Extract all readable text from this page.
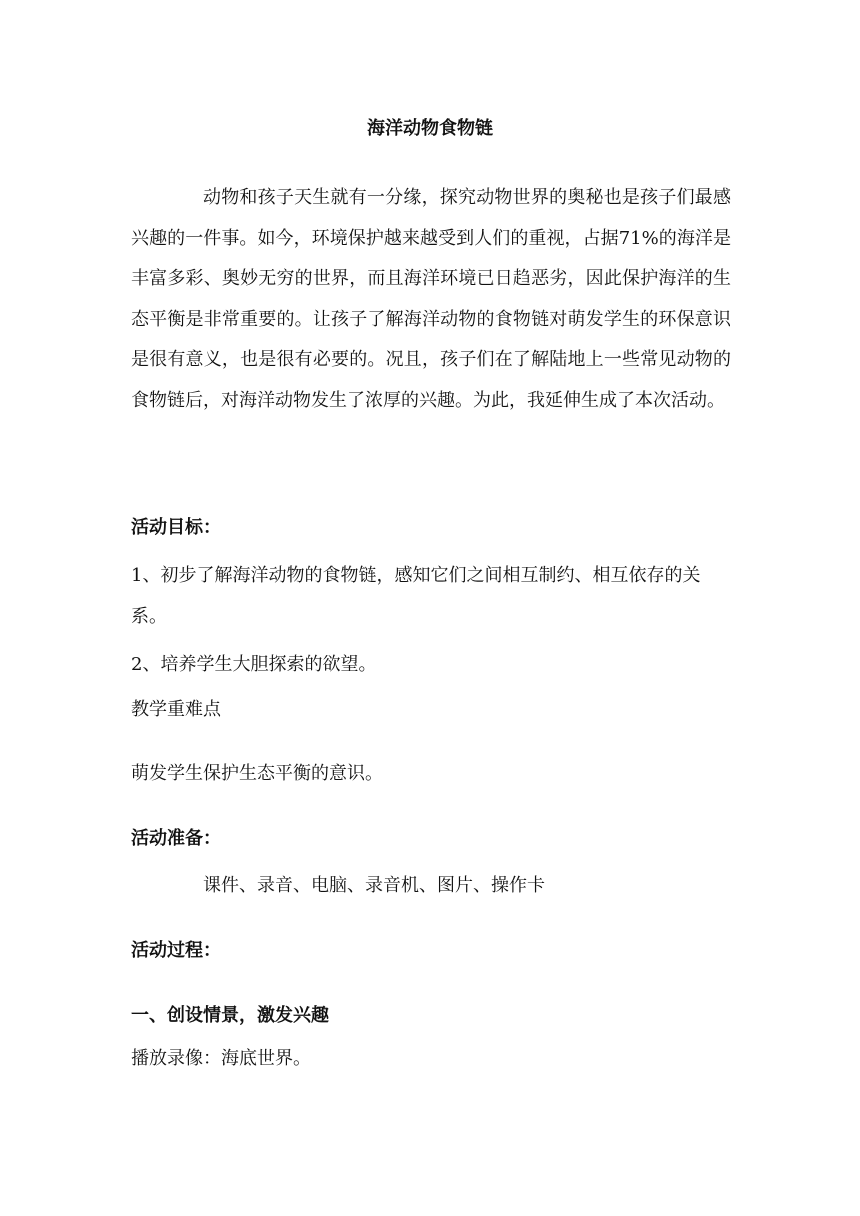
海洋动物食物链

动物和孩子天生就有一分缘，探究动物世界的奥秘也是孩子们最感兴趣的一件事。如今，环境保护越来越受到人们的重视，占据71%的海洋是丰富多彩、奥妙无穷的世界，而且海洋环境已日趋恶劣，因此保护海洋的生态平衡是非常重要的。让孩子了解海洋动物的食物链对萌发学生的环保意识是很有意义，也是很有必要的。况且，孩子们在了解陆地上一些常见动物的食物链后，对海洋动物发生了浓厚的兴趣。为此，我延伸生成了本次活动。

活动目标：

1、初步了解海洋动物的食物链，感知它们之间相互制约、相互依存的关系。

2、培养学生大胆探索的欲望。

教学重难点

萌发学生保护生态平衡的意识。

活动准备：

课件、录音、电脑、录音机、图片、操作卡

活动过程：

一、创设情景，激发兴趣

播放录像：海底世界。
